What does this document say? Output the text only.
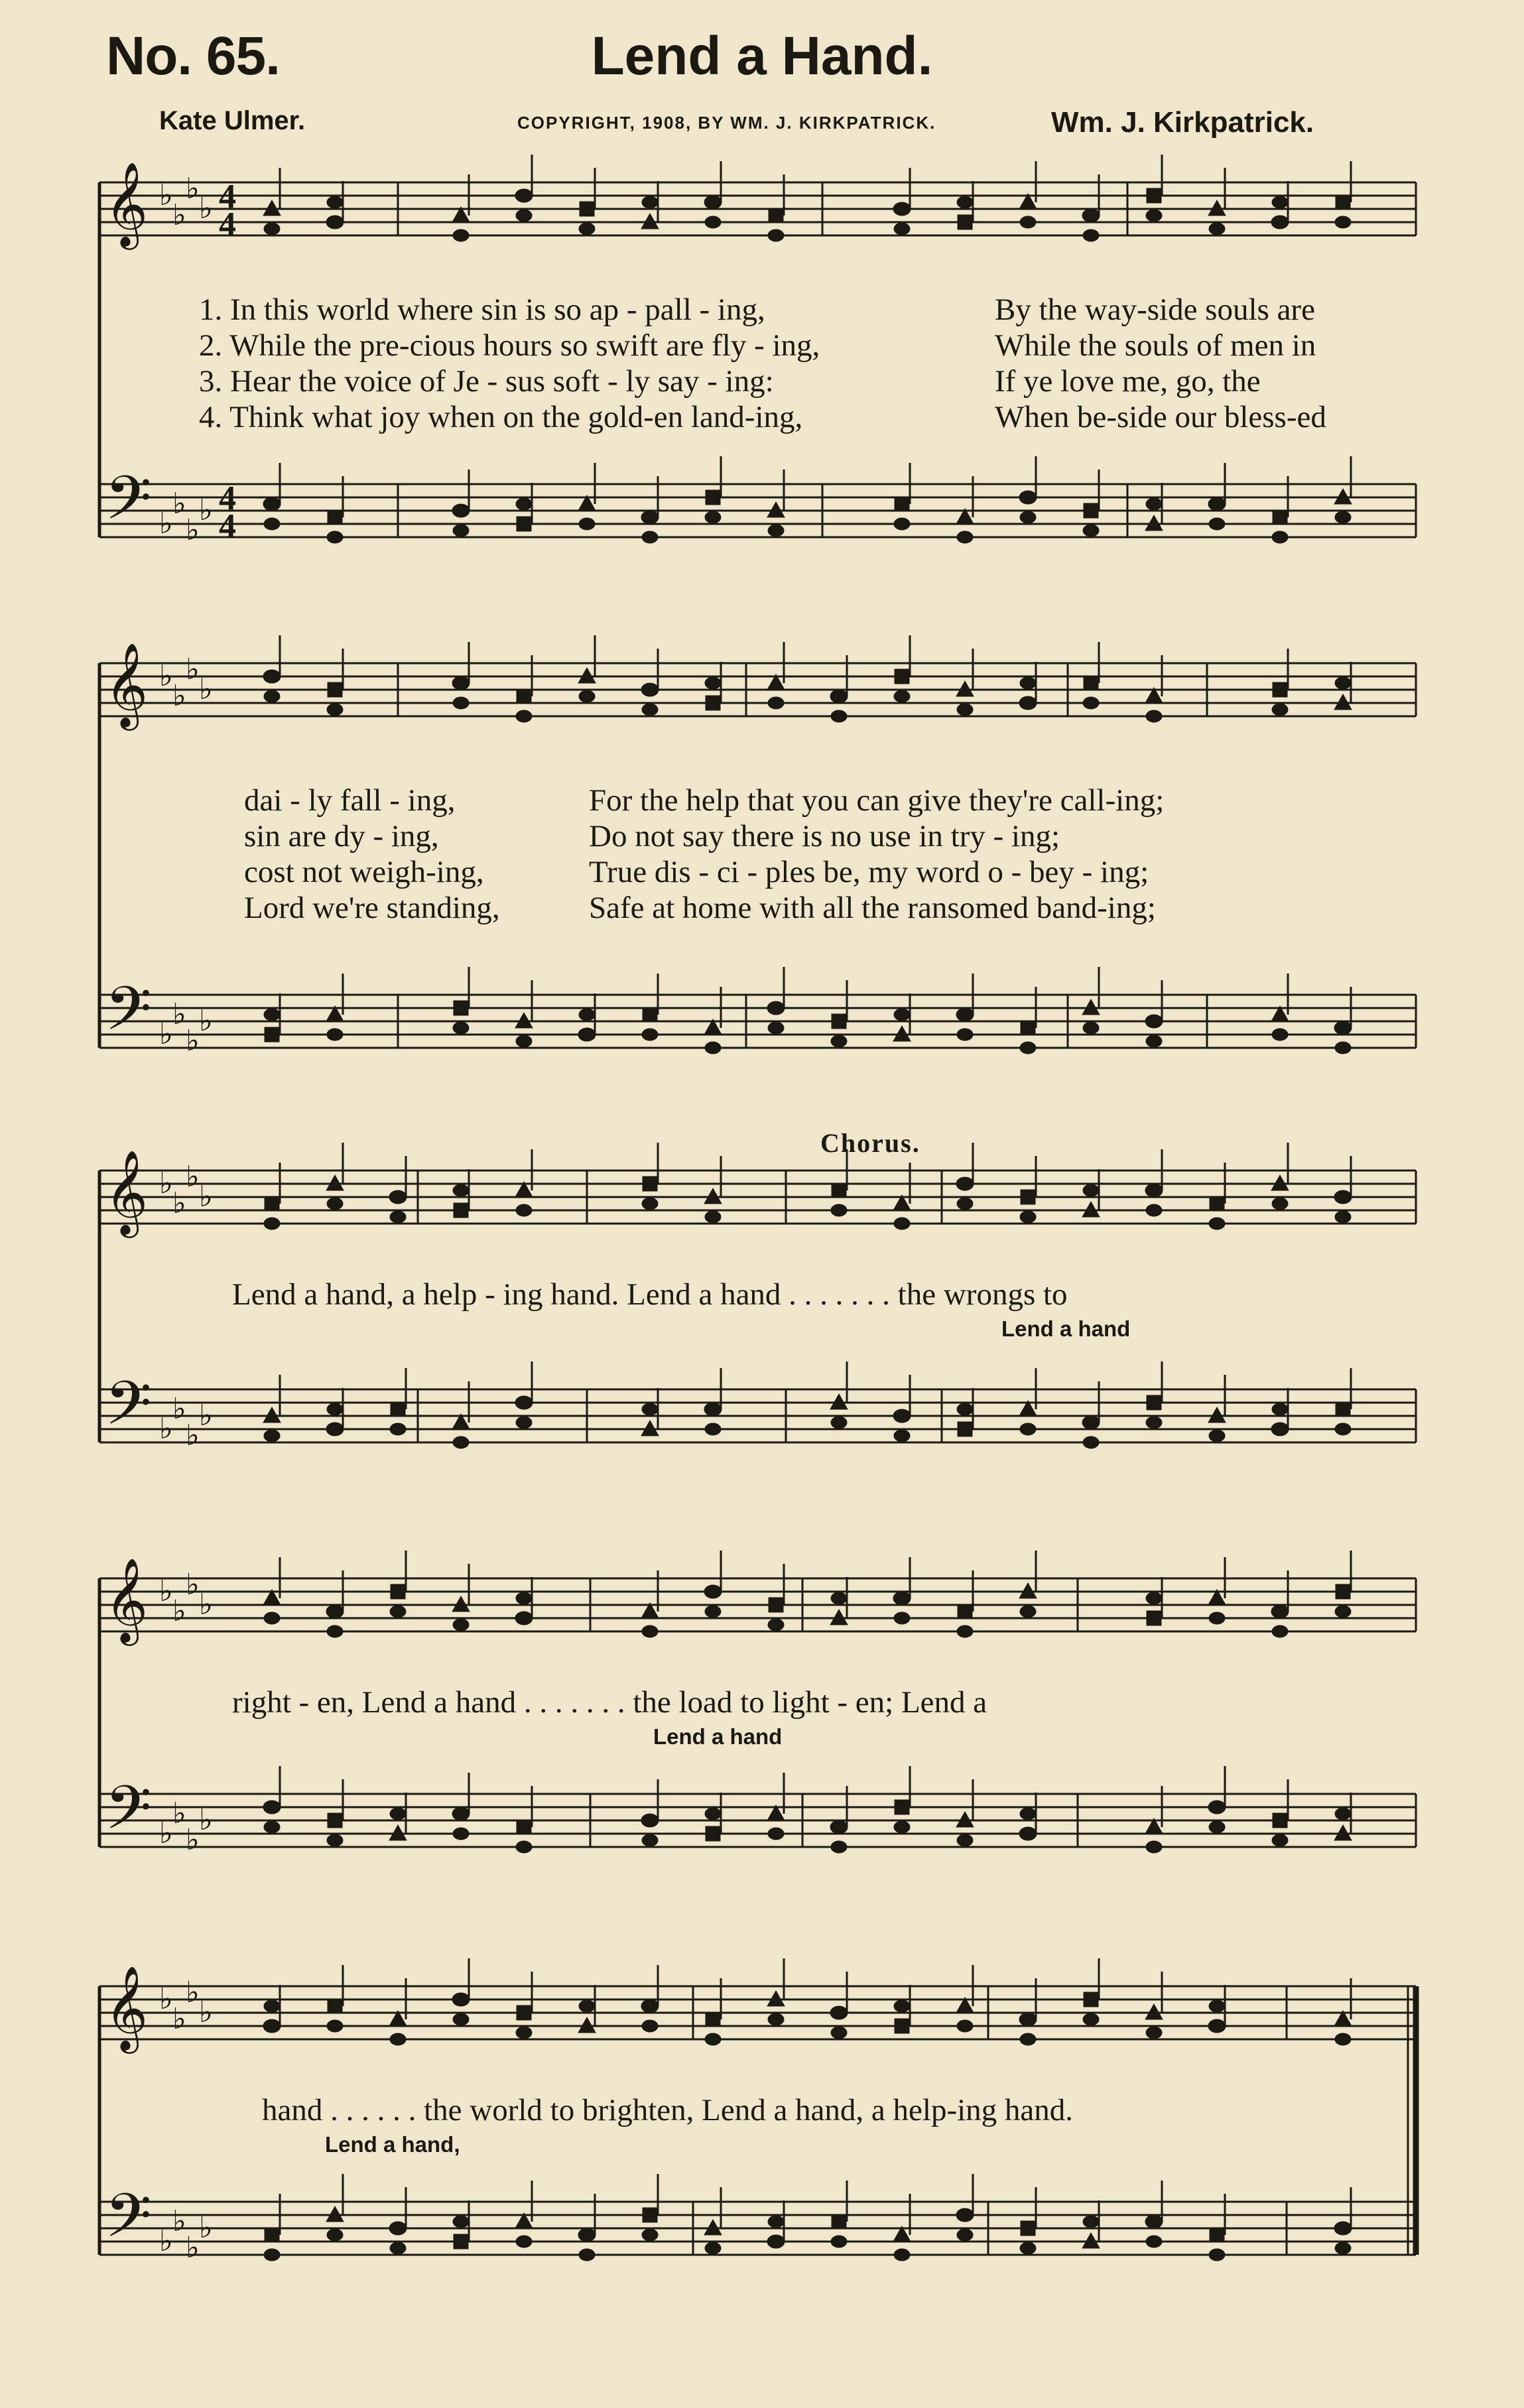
No. 65.	Lend a Hand.
Kate Ulmer.	COPYRIGHT, 1908, BY WM. J. KIRKPATRICK.	Wm. J. Kirkpatrick.
𝄞 ♭
♭
♭
♭ 4
4
𝄢 ♭
♭
♭
♭ 4
4
𝄞 ♭
♭
♭
♭
𝄢 ♭
♭
♭
♭
𝄞 ♭
♭
♭
♭
𝄢 ♭
♭
♭
♭
𝄞 ♭
♭
♭
♭
𝄢 ♭
♭
♭
♭
𝄞 ♭
♭
♭
♭
𝄢 ♭
♭
♭
♭
1. In this world where sin is so ap - pall - ing,	By the way-side souls are
2. While the pre-cious hours so swift are fly - ing,	While the souls of men in
3. Hear the voice of Je - sus soft - ly say - ing:	If ye love me, go, the
4. Think what joy when on the gold-en land-ing,	When be-side our bless-ed
dai - ly fall - ing,	For the help that you can give they're call-ing;
sin are dy - ing,	Do not say there is no use in try - ing;
cost not weigh-ing,	True dis - ci - ples be, my word o - bey - ing;
Lord we're standing,	Safe at home with all the ransomed band-ing;
Chorus.
Lend a hand, a help - ing hand. Lend a hand . . . . . . . the wrongs to
Lend a hand
right - en, Lend a hand . . . . . . . the load to light - en; Lend a
Lend a hand
hand . . . . . . the world to brighten, Lend a hand, a help-ing hand.
Lend a hand,
